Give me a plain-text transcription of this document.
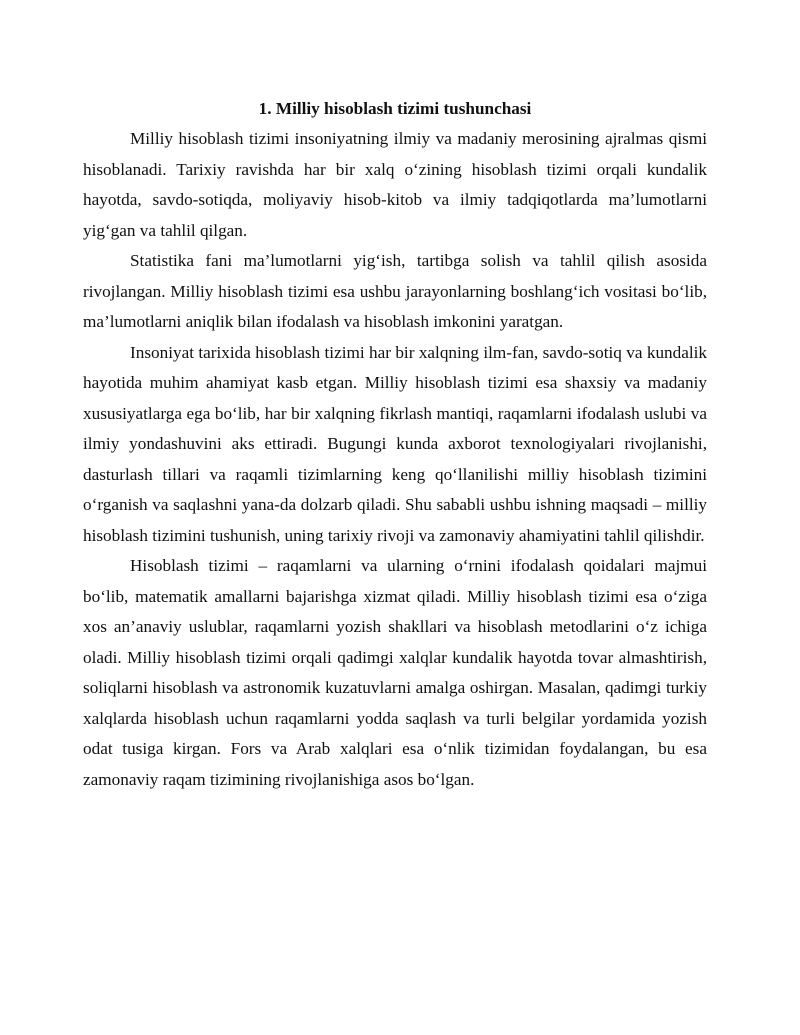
1. Milliy hisoblash tizimi tushunchasi

Milliy hisoblash tizimi insoniyatning ilmiy va madaniy merosining ajralmas qismi hisoblanadi. Tarixiy ravishda har bir xalq o‘zining hisoblash tizimi orqali kundalik hayotda, savdo-sotiqda, moliyaviy hisob-kitob va ilmiy tadqiqotlarda ma’lumotlarni yig‘gan va tahlil qilgan.

Statistika fani ma’lumotlarni yig‘ish, tartibga solish va tahlil qilish asosida rivojlangan. Milliy hisoblash tizimi esa ushbu jarayonlarning boshlang‘ich vositasi bo‘lib, ma’lumotlarni aniqlik bilan ifodalash va hisoblash imkonini yaratgan.

Insoniyat tarixida hisoblash tizimi har bir xalqning ilm-fan, savdo-sotiq va kundalik hayotida muhim ahamiyat kasb etgan. Milliy hisoblash tizimi esa shaxsiy va madaniy xususiyatlarga ega bo‘lib, har bir xalqning fikrlash mantiqi, raqamlarni ifodalash uslubi va ilmiy yondashuvini aks ettiradi. Bugungi kunda axborot texnologiyalari rivojlanishi, dasturlash tillari va raqamli tizimlarning keng qo‘llanilishi milliy hisoblash tizimini o‘rganish va saqlashni yana-da dolzarb qiladi. Shu sababli ushbu ishning maqsadi – milliy hisoblash tizimini tushunish, uning tarixiy rivoji va zamonaviy ahamiyatini tahlil qilishdir.

Hisoblash tizimi – raqamlarni va ularning o‘rnini ifodalash qoidalari majmui bo‘lib, matematik amallarni bajarishga xizmat qiladi. Milliy hisoblash tizimi esa o‘ziga xos an’anaviy uslublar, raqamlarni yozish shakllari va hisoblash metodlarini o‘z ichiga oladi. Milliy hisoblash tizimi orqali qadimgi xalqlar kundalik hayotda tovar almashtirish, soliqlarni hisoblash va astronomik kuzatuvlarni amalga oshirgan. Masalan, qadimgi turkiy xalqlarda hisoblash uchun raqamlarni yodda saqlash va turli belgilar yordamida yozish odat tusiga kirgan. Fors va Arab xalqlari esa o‘nlik tizimidan foydalangan, bu esa zamonaviy raqam tizimining rivojlanishiga asos bo‘lgan.
